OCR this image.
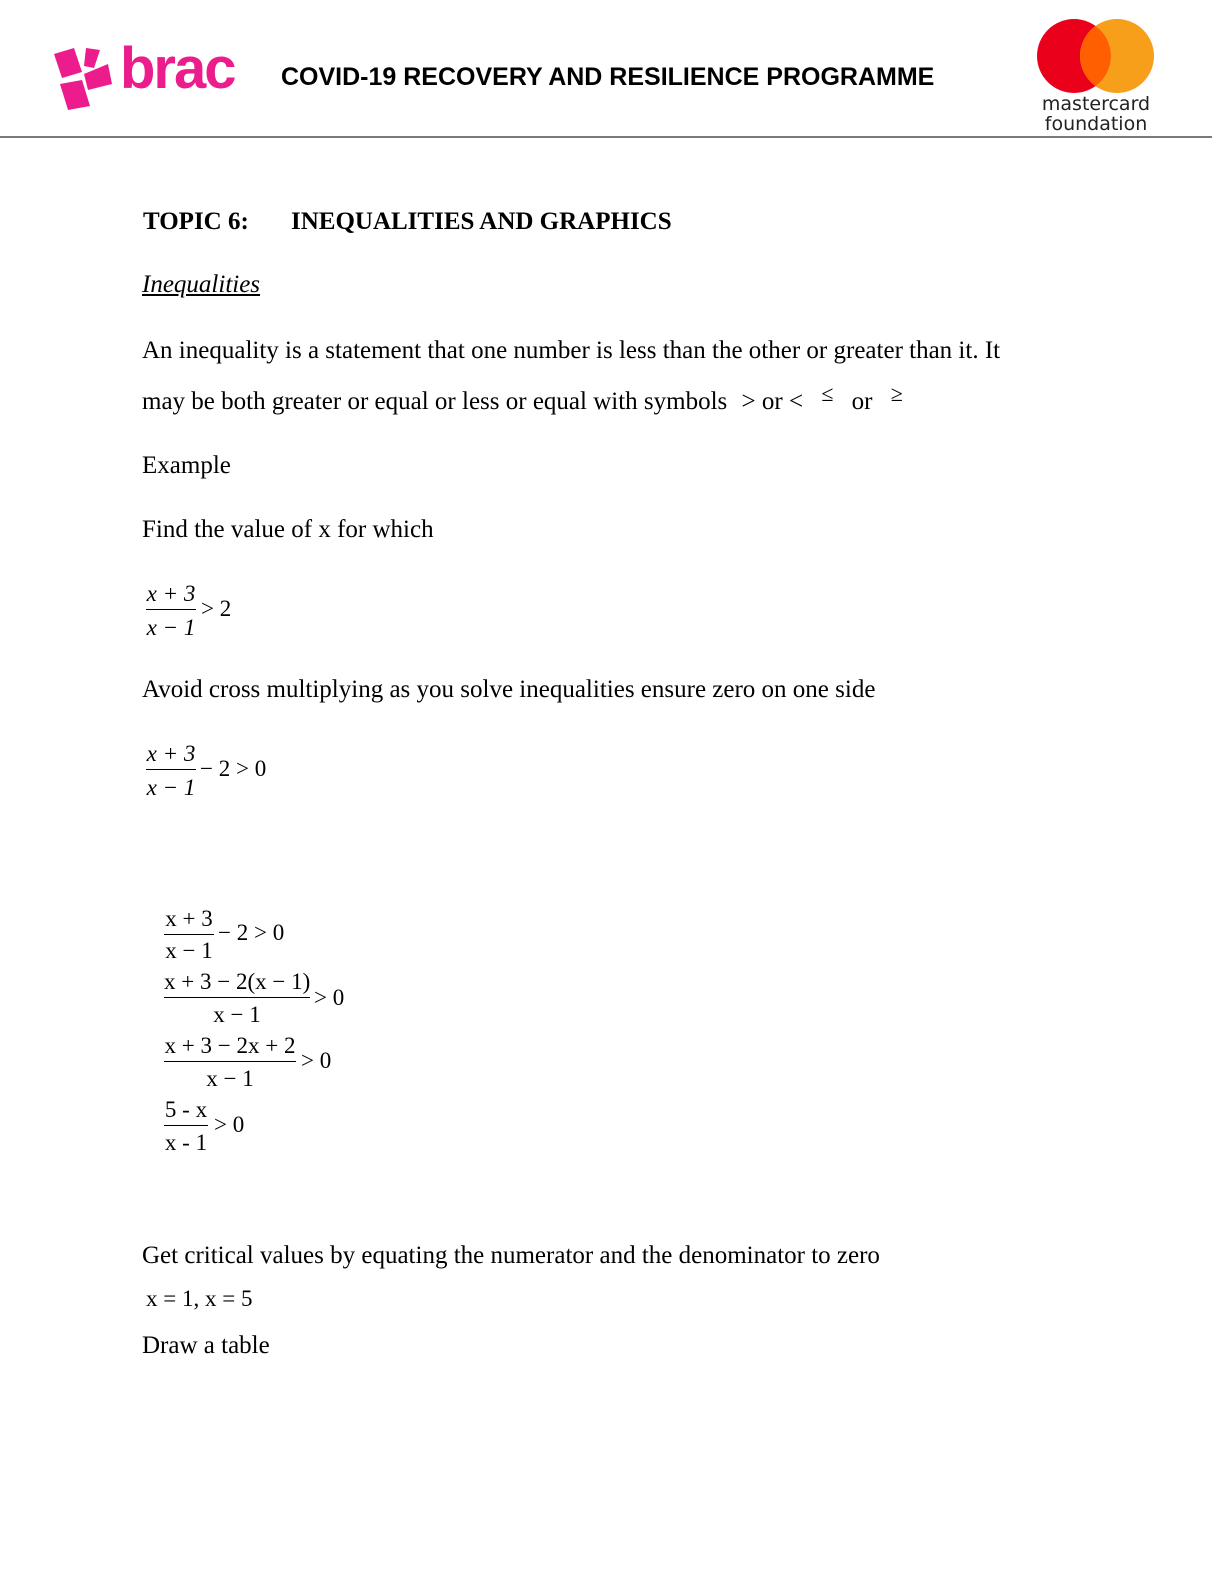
brac COVID-19 RECOVERY AND RESILIENCE PROGRAMME
mastercard
foundation
TOPIC 6: INEQUALITIES AND GRAPHICS
Inequalities
An inequality is a statement that one number is less than the other or greater than it. It
may be both greater or equal or less or equal with symbols > or < ≤ or ≥
Example
Find the value of x for which
x + 3
x − 1
> 2
Avoid cross multiplying as you solve inequalities ensure zero on one side
x + 3
x − 1
− 2 > 0
x + 3
x − 1
− 2 > 0
x + 3 − 2(x − 1)
x − 1
> 0
x + 3 − 2x + 2
x − 1
> 0
5 - x
x - 1
> 0
Get critical values by equating the numerator and the denominator to zero
x = 1, x = 5
Draw a table
